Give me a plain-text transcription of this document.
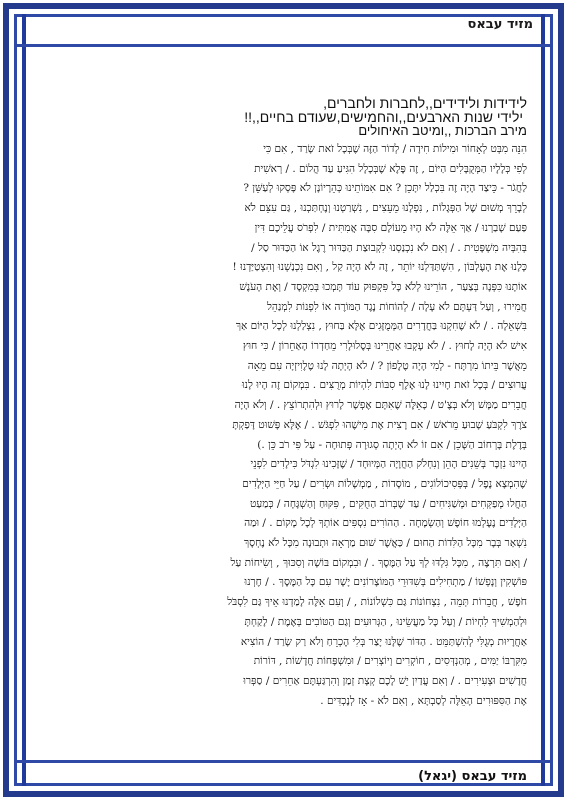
מזיד עבאס
לידידות ולידידים,,לחברות ולחברים,
ילידי שנות הארבעים,,והחמישים,שעודם בחיים,,!!
מירב הברכות ,,ומיטב האיחולים
הִנֵּה מִבְּט לְאָחוֹר וּמִילוֹת חִידָה / לְדוֹר הַזֶּה שֶׁבְּכָל זֹאת שָׂרַד , אִם כִּי
לְפִי כְּלָלָיו הַמְּקֻבָּלִים הַיּוֹם , זֶה פֶּלֶא שֶׁבְּכָלָל הִגִּיעַ עַד הֲלוֹם . / רְאשִׁית
לַחֲגֹר - כֵּיצַד הָיָה זֶה בִּכְלַל יִתָּכֵן ? אִם אִמּוֹתֵינוּ כְּהֵרָיוֹנָן לֹא פָּסְקוּ לְעַשֵּׁן ?
לְבָרֵךְ מְשׁוּם שֶׁל הַפְּגָלוֹת , נִפְלָנוּ מֵעֵצִים , נִשְׁרַטְנוּ וְנֶחְתַּכְנוּ , גַּם עִצֵּם לֹא
פַּעַם שָׁבַרְנוּ / אַךְ אֵלֶּה לֹא הָיוּ מֵעוֹלָם סִבָּה אֲמִתִּית / לִפְרֹס עֲלֵיכֶם דִּין
בְּהִבְּיִה מִשְׁפָּטִית . / וְאִם לֹא נִכְנַסְנוּ לִקְבוּצַת הַכַּדּוּר רֶגֶל אוֹ הַכַּדּוּר סַל /
כָּלָנוּ אֶת הָעֶלְבּוֹן , הִשְׁתַּדַּלְנוּ יוֹתֵר , זֶה לֹא הָיָה קַל , וְאִם נִכְנַשְׁנוּ וְהִצְטַיַּדְנוּ !
אוֹתָנוּ כִּפְּנָה בְּצַעַר , הוֹרֵינוּ לְלֹא כָּל פִּקְפּוּק עוֹד תָּמְכוּ בְּמִקְסָד / וְאֶת הָעֹנֶשׁ
חֲמִירוּ , וְעַל דַּעְתָּם לֹא עָלָה / לְהוֹחוֹת נֶגֶד הַמּוֹרֶה אוֹ לִפְנוֹת לִמְנַהֵל
בִּשְׁאֵלָה . / לֹא שֶׁחִקְנוּ בַּחֲדָרִים הַמְּמֻזָּגִים אֶלָּא בַּחוּץ , נִצְלַלְנוּ לְכָל הַיּוֹם אַךְ
אִישׁ לֹא הָיָה לָחוּץ . / לֹא עָקְבוּ אַחֲרֵינוּ בְּסֶלוּלָרִי מֵחַדְרוֹ הָאַחֵרוֹן / כִּי חוּץ
מֵאֲשֶׁר בֵּיתוֹ מִרְתָּח - לְמִי הָיָה טֶלֶפוֹן ? / לֹא הָיְתָה לָנוּ טֶלֶוִיזְיָה עִם מֵאָה
עֲרוּצִים / בְּכָל זֹאת חָיִינוּ לָנוּ אֶלֶף סִבּוֹת לִהְיוֹת מְרֻצִּים . בִּמְקוֹם זֶה הָיוּ לָנוּ
חֲבֵרִים מַמָּשׁ וְלֹא בְּצֶ'ט / כָּאֵלֶּה שֶׁאִתָּם אֶפְשָׁר לָרוּץ וּלְהִתְרוֹצֵץ . / וְלֹא הָיָה
צֹרֶךְ לִקְבֹּעַ שָׁבוּעַ מֵרֹאשׁ / אִם רָצִית אֶת מִישֶׁהוּ לִפְגֹּשׁ . / אֶלָּא פָּשׁוּט דָּפַקְתָּ
בְּדֶלֶת בָּרְחוֹב הַשָּׁכֵן / אִם זוֹ לֹא הָיְתָה סְגוּרָה פְּתוּחָה - עַל פִּי רֹב כֵּן .)
הָיִינוּ נִזְכָּר בְּשֵׁנִים הָהֵן וְנִחְלֹק הַחֲוָיָה הַמְּיוּחָד / שֶׁזָּכִינוּ לִגְדֹּל כִּילָדִים לִפְנֵי
שֶׁהִמְצָא נֶפֶל / בְּפְּסִיכוֹלוֹגִים , מוֹסָדוֹת , מַמְשָׁלוֹת וּשְׂרִים / עַל חַיֵּי הַיְּלָדִים
הַחֲלוּ מְפַקְּחִים וּמְשַׁגִּיחִים / עַד שֶׁבְּרוֹב הַחֻקִּים , פִּקּוּחַ וְהַשְׁגָּחָה / כְּמַעַט
הַיְּלָדִים נֶעֶלְמוּ חוֹפֶשׁ וְהַשְׂמָחָה . הַהוֹרִים נִסְפִּים אוֹתְךָ לְכָל מָקוֹם . / וּמַה
נִשְׁאַר בְּבָר מִכָּל הַלִּדוֹת הַחוּם / כַּאֲשֶׁר שׁוּם מַרְאָה וּתְבוּנָה מִכָּל לֹא נֶחְסָךְ
/ וְאִם תִּרְצֶה , מִכָּל גִּלְדּוּ לְךָ עַל הַמֶּסֶךְ . / וּבִמְקוֹם בּוֹשָׁה וְסִכּוּךְ , וְשִׂיחוֹת עַל
פּוֹשְׁקִין וְנָפְשׁוֹ / מַתְחִילִים בְּשִׁדּוּרֵי הַמּוֹצָרוֹנִים יָשָׁר עִם כָּל הַמֶּסֶךְ . / חֶרְנוּ
חֹפֶשׁ , חֲבֵרוֹת תְּמֵה , נִצְחוֹנוֹת גַּם כִּשְׁלוֹנוֹת , / וְעִם אֵלֶּה לָמַדְנוּ אֵיךְ גַּם לִסְבֹּל
וּלְהַמְשִׁיךְ לִחְיוֹת / וְעַל כָּל מַעֲשֵׂינוּ , הַגְּרוּעִים וְגַם הַטּוֹבִים בְּאֶמֶת / לָקַחְתָּ
אַחֲרָיוּת מְגֻלִּי לְהִשְׁתַּמֵּט . הַדּוֹר שֶׁלָּנוּ יָצַר בְּלִי הֶכְרֵחַ וְלֹא רַק שָׂרַד / הוֹצִיא
מִקִּרְבּוֹ יַמִּים , מְהַנְדְּסִים , חוֹקְרִים וְיוֹצְרִים / וּמִשְׁפָּחוֹת חֲדָשׁוֹת , דּוֹרוֹת
חֲדָשִׁים וּצְעִירִים . / וְאִם עֲדַיִן יֵשׁ לָכֶם קְצָת זְמַן וְהִרְגַּעְתֶּם אַחֵרִים / סַפְּרוּ
אֶת הַסִּפּוּרִים הָאֵלֶּה לְסַבְתָּא , וְאִם לֹא - אָז לְנֶכְדִּים .
מזיד עבאס (יגאל)
